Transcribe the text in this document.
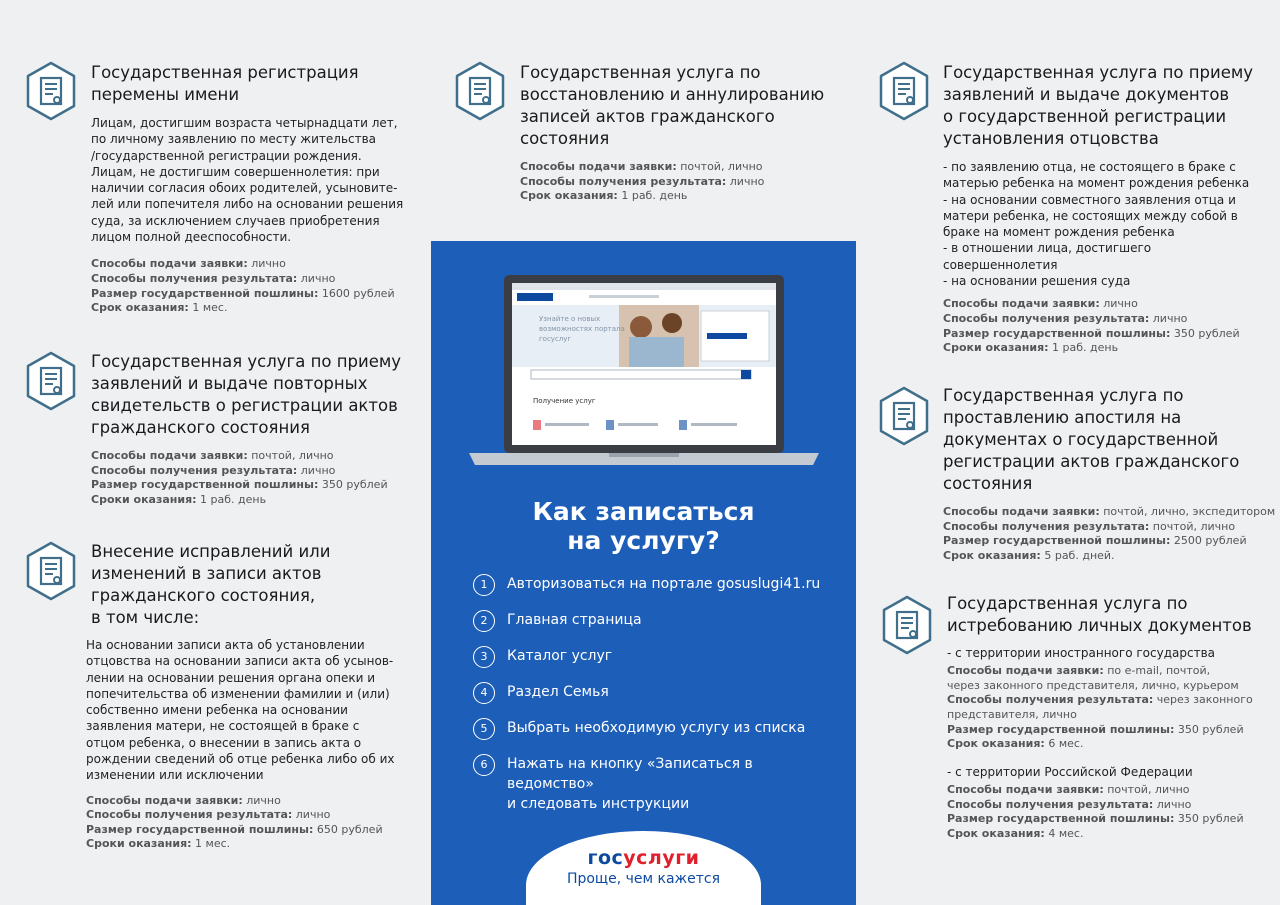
Государственная регистрация
перемены имени
Лицам, достигшим возраста четырнадцати лет,
по личному заявлению по месту жительства
/государственной регистрации рождения.
Лицам, не достигшим совершеннолетия: при
наличии согласия обоих родителей, усыновите-
лей или попечителя либо на основании решения
суда, за исключением случаев приобретения
лицом полной дееспособности.
Способы подачи заявки: лично
Способы получения результата: лично
Размер государственной пошлины: 1600 рублей
Срок оказания: 1 мес.
Государственная услуга по приему
заявлений и выдаче повторных
свидетельств о регистрации актов
гражданского состояния
Способы подачи заявки: почтой, лично
Способы получения результата: лично
Размер государственной пошлины: 350 рублей
Сроки оказания: 1 раб. день
Внесение исправлений или
изменений в записи актов
гражданского состояния,
в том числе:
На основании записи акта об установлении
отцовства на основании записи акта об усынов-
лении на основании решения органа опеки и
попечительства об изменении фамилии и (или)
собственно имени ребенка на основании
заявления матери, не состоящей в браке с
отцом ребенка, о внесении в запись акта о
рождении сведений об отце ребенка либо об их
изменении или исключении
Способы подачи заявки: лично
Способы получения результата: лично
Размер государственной пошлины: 650 рублей
Сроки оказания: 1 мес.
Государственная услуга по
восстановлению и аннулированию
записей актов гражданского
состояния
Способы подачи заявки: почтой, лично
Способы получения результата: лично
Срок оказания: 1 раб. день
Узнайте о новых
возможностях портала
госуслуг
Получение услуг
Как записаться
на услугу?
1	Авторизоваться на портале gosuslugi41.ru
2	Главная страница
3	Каталог услуг
4	Раздел Семья
5	Выбрать необходимую услугу из списка
6	Нажать на кнопку «Записаться в ведомство»
и следовать инструкции
госуслуги
Проще, чем кажется
Государственная услуга по приему
заявлений и выдаче документов
о государственной регистрации
установления отцовства
- по заявлению отца, не состоящего в браке с
матерью ребенка на момент рождения ребенка
- на основании совместного заявления отца и
матери ребенка, не состоящих между собой в
браке на момент рождения ребенка
- в отношении лица, достигшего
совершеннолетия
- на основании решения суда
Способы подачи заявки: лично
Способы получения результата: лично
Размер государственной пошлины: 350 рублей
Сроки оказания: 1 раб. день
Государственная услуга по
проставлению апостиля на
документах о государственной
регистрации актов гражданского
состояния
Способы подачи заявки: почтой, лично, экспедитором
Способы получения результата: почтой, лично
Размер государственной пошлины: 2500 рублей
Срок оказания: 5 раб. дней.
Государственная услуга по
истребованию личных документов
- с территории иностранного государства
Способы подачи заявки: по e-mail, почтой,
через законного представителя, лично, курьером
Способы получения результата: через законного
представителя, лично
Размер государственной пошлины: 350 рублей
Срок оказания: 6 мес.
- с территории Российской Федерации
Способы подачи заявки: почтой, лично
Способы получения результата: лично
Размер государственной пошлины: 350 рублей
Срок оказания: 4 мес.
